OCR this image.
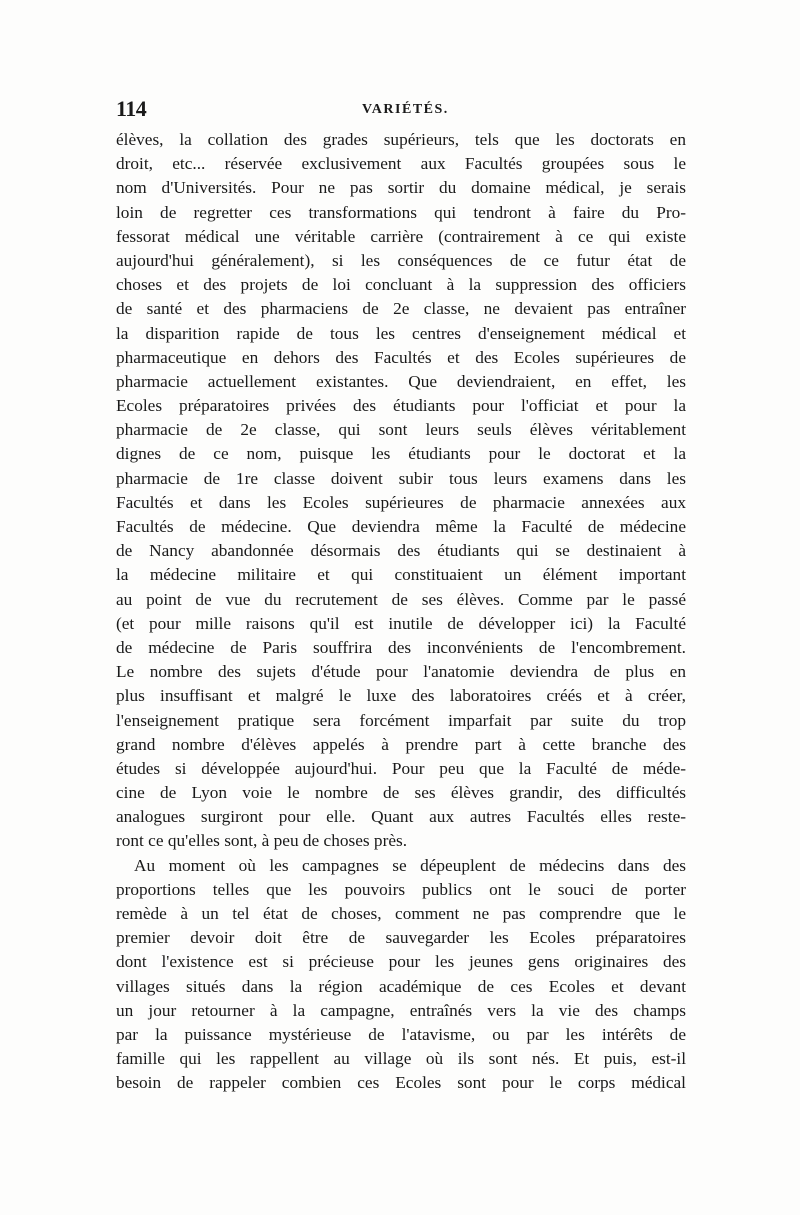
114	VARIÉTÉS.
élèves, la collation des grades supérieurs, tels que les doctorats en
droit, etc... réservée exclusivement aux Facultés groupées sous le
nom d'Universités. Pour ne pas sortir du domaine médical, je serais
loin de regretter ces transformations qui tendront à faire du Pro-
fessorat médical une véritable carrière (contrairement à ce qui existe
aujourd'hui généralement), si les conséquences de ce futur état de
choses et des projets de loi concluant à la suppression des officiers
de santé et des pharmaciens de 2e classe, ne devaient pas entraîner
la disparition rapide de tous les centres d'enseignement médical et
pharmaceutique en dehors des Facultés et des Ecoles supérieures de
pharmacie actuellement existantes. Que deviendraient, en effet, les
Ecoles préparatoires privées des étudiants pour l'officiat et pour la
pharmacie de 2e classe, qui sont leurs seuls élèves véritablement
dignes de ce nom, puisque les étudiants pour le doctorat et la
pharmacie de 1re classe doivent subir tous leurs examens dans les
Facultés et dans les Ecoles supérieures de pharmacie annexées aux
Facultés de médecine. Que deviendra même la Faculté de médecine
de Nancy abandonnée désormais des étudiants qui se destinaient à
la médecine militaire et qui constituaient un élément important
au point de vue du recrutement de ses élèves. Comme par le passé
(et pour mille raisons qu'il est inutile de développer ici) la Faculté
de médecine de Paris souffrira des inconvénients de l'encombrement.
Le nombre des sujets d'étude pour l'anatomie deviendra de plus en
plus insuffisant et malgré le luxe des laboratoires créés et à créer,
l'enseignement pratique sera forcément imparfait par suite du trop
grand nombre d'élèves appelés à prendre part à cette branche des
études si développée aujourd'hui. Pour peu que la Faculté de méde-
cine de Lyon voie le nombre de ses élèves grandir, des difficultés
analogues surgiront pour elle. Quant aux autres Facultés elles reste-
ront ce qu'elles sont, à peu de choses près.
Au moment où les campagnes se dépeuplent de médecins dans des
proportions telles que les pouvoirs publics ont le souci de porter
remède à un tel état de choses, comment ne pas comprendre que le
premier devoir doit être de sauvegarder les Ecoles préparatoires
dont l'existence est si précieuse pour les jeunes gens originaires des
villages situés dans la région académique de ces Ecoles et devant
un jour retourner à la campagne, entraînés vers la vie des champs
par la puissance mystérieuse de l'atavisme, ou par les intérêts de
famille qui les rappellent au village où ils sont nés. Et puis, est-il
besoin de rappeler combien ces Ecoles sont pour le corps médical
